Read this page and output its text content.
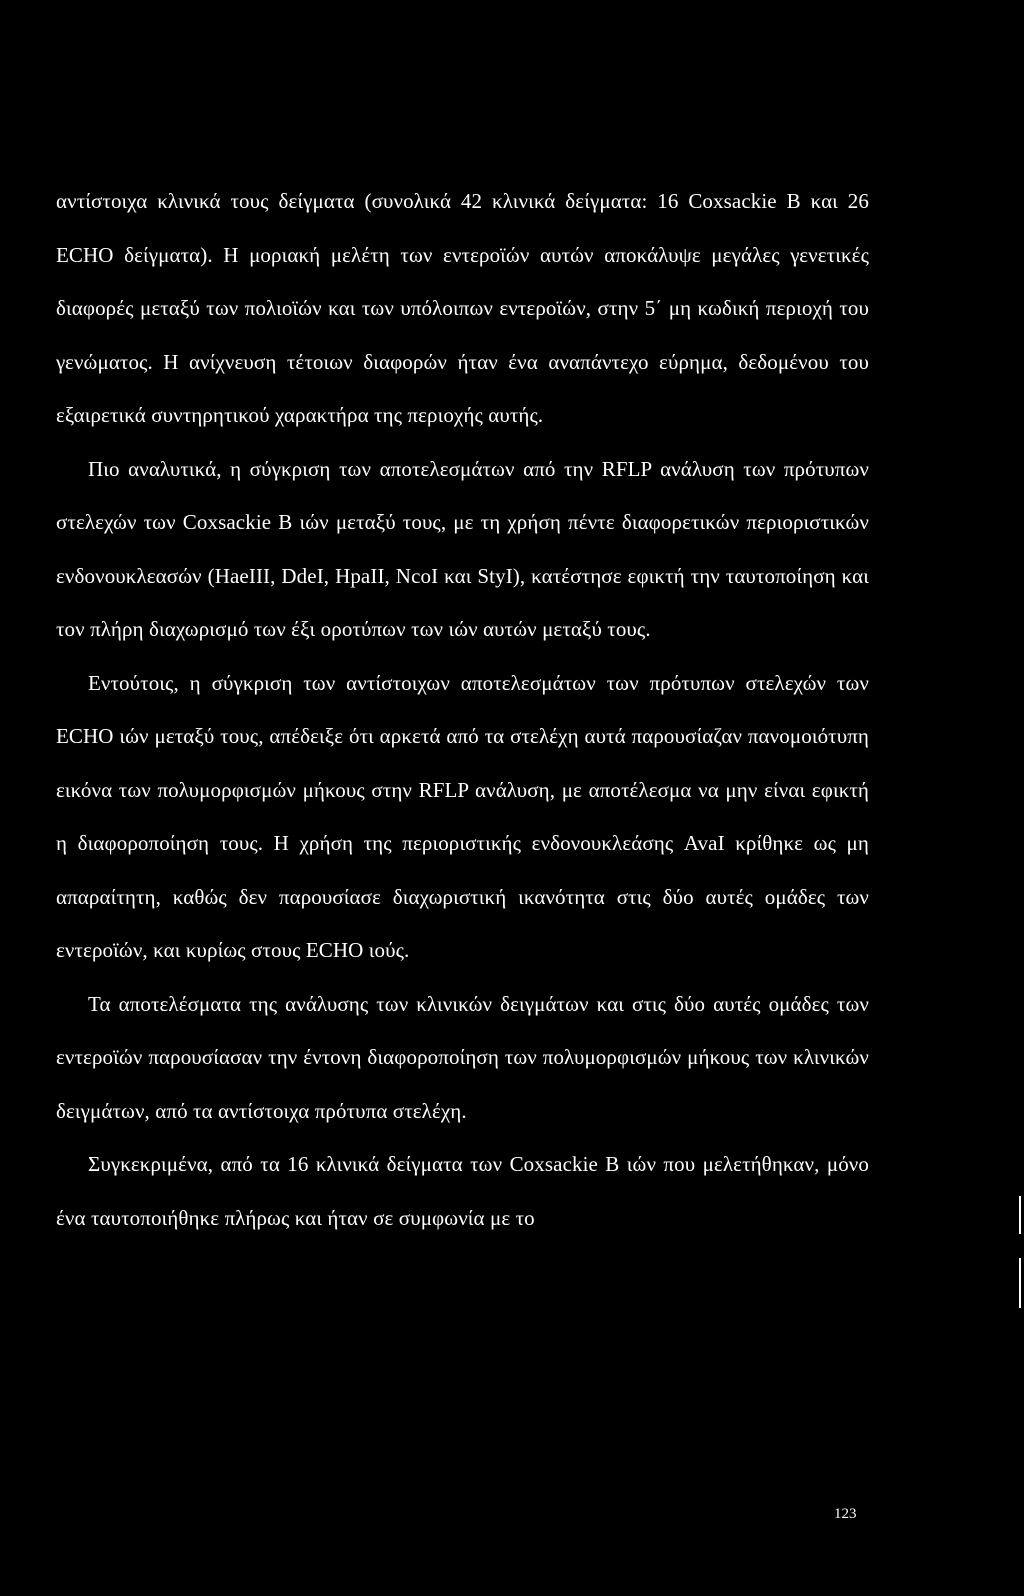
αντίστοιχα κλινικά τους δείγματα (συνολικά 42 κλινικά δείγματα: 16 Coxsackie B και 26 ECHO δείγματα). Η μοριακή μελέτη των εντεροϊών αυτών αποκάλυψε μεγάλες γενετικές διαφορές μεταξύ των πολιοϊών και των υπόλοιπων εντεροϊών, στην 5΄ μη κωδική περιοχή του γενώματος. Η ανίχνευση τέτοιων διαφορών ήταν ένα αναπάντεχο εύρημα, δεδομένου του εξαιρετικά συντηρητικού χαρακτήρα της περιοχής αυτής.

Πιο αναλυτικά, η σύγκριση των αποτελεσμάτων από την RFLP ανάλυση των πρότυπων στελεχών των Coxsackie B ιών μεταξύ τους, με τη χρήση πέντε διαφορετικών περιοριστικών ενδονουκλεασών (HaeIII, DdeI, HpaII, NcoI και StyI), κατέστησε εφικτή την ταυτοποίηση και τον πλήρη διαχωρισμό των έξι οροτύπων των ιών αυτών μεταξύ τους.

Εντούτοις, η σύγκριση των αντίστοιχων αποτελεσμάτων των πρότυπων στελεχών των ECHO ιών μεταξύ τους, απέδειξε ότι αρκετά από τα στελέχη αυτά παρουσίαζαν πανομοιότυπη εικόνα των πολυμορφισμών μήκους στην RFLP ανάλυση, με αποτέλεσμα να μην είναι εφικτή η διαφοροποίηση τους. Η χρήση της περιοριστικής ενδονουκλεάσης AvaI κρίθηκε ως μη απαραίτητη, καθώς δεν παρουσίασε διαχωριστική ικανότητα στις δύο αυτές ομάδες των εντεροϊών, και κυρίως στους ECHO ιούς.

Τα αποτελέσματα της ανάλυσης των κλινικών δειγμάτων και στις δύο αυτές ομάδες των εντεροϊών παρουσίασαν την έντονη διαφοροποίηση των πολυμορφισμών μήκους των κλινικών δειγμάτων, από τα αντίστοιχα πρότυπα στελέχη.

Συγκεκριμένα, από τα 16 κλινικά δείγματα των Coxsackie B ιών που μελετήθηκαν, μόνο ένα ταυτοποιήθηκε πλήρως και ήταν σε συμφωνία με το

123
